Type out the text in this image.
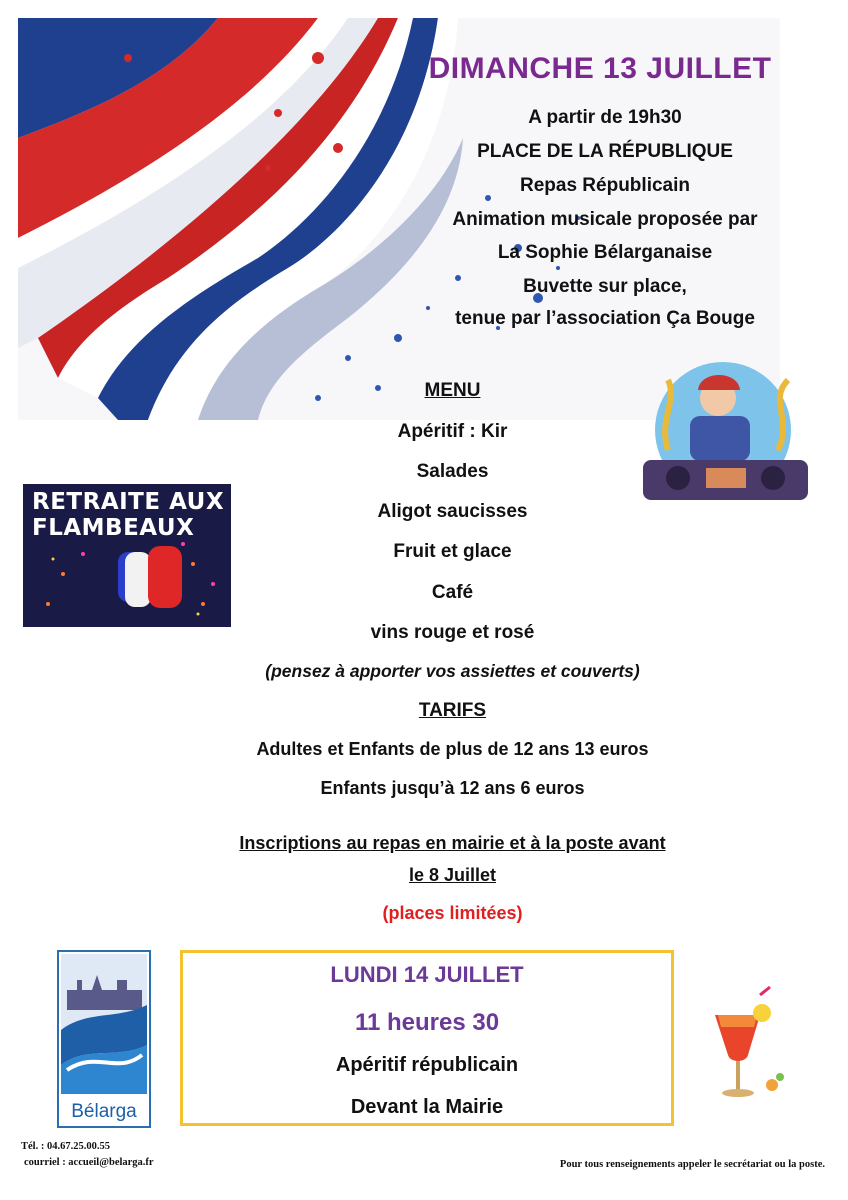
DIMANCHE 13 JUILLET
A partir de 19h30
PLACE DE LA RÉPUBLIQUE
Repas Républicain
Animation musicale proposée par
La Sophie Bélarganaise
Buvette sur place,
tenue par l’association Ça Bouge
RETRAITE AUX
FLAMBEAUX
MENU
Apéritif : Kir
Salades
Aligot saucisses
Fruit et glace
Café
vins rouge et rosé
(pensez à apporter vos assiettes et couverts)
TARIFS
Adultes et Enfants de plus de 12 ans 13 euros
Enfants jusqu’à 12 ans 6 euros
Inscriptions au repas en mairie et à la poste avant
le 8 Juillet
(places limitées)
Bélarga
LUNDI 14 JUILLET
11 heures 30
Apéritif républicain
Devant la Mairie
Tél. : 04.67.25.00.55
courriel : accueil@belarga.fr	Pour tous renseignements appeler le secrétariat ou la poste.
